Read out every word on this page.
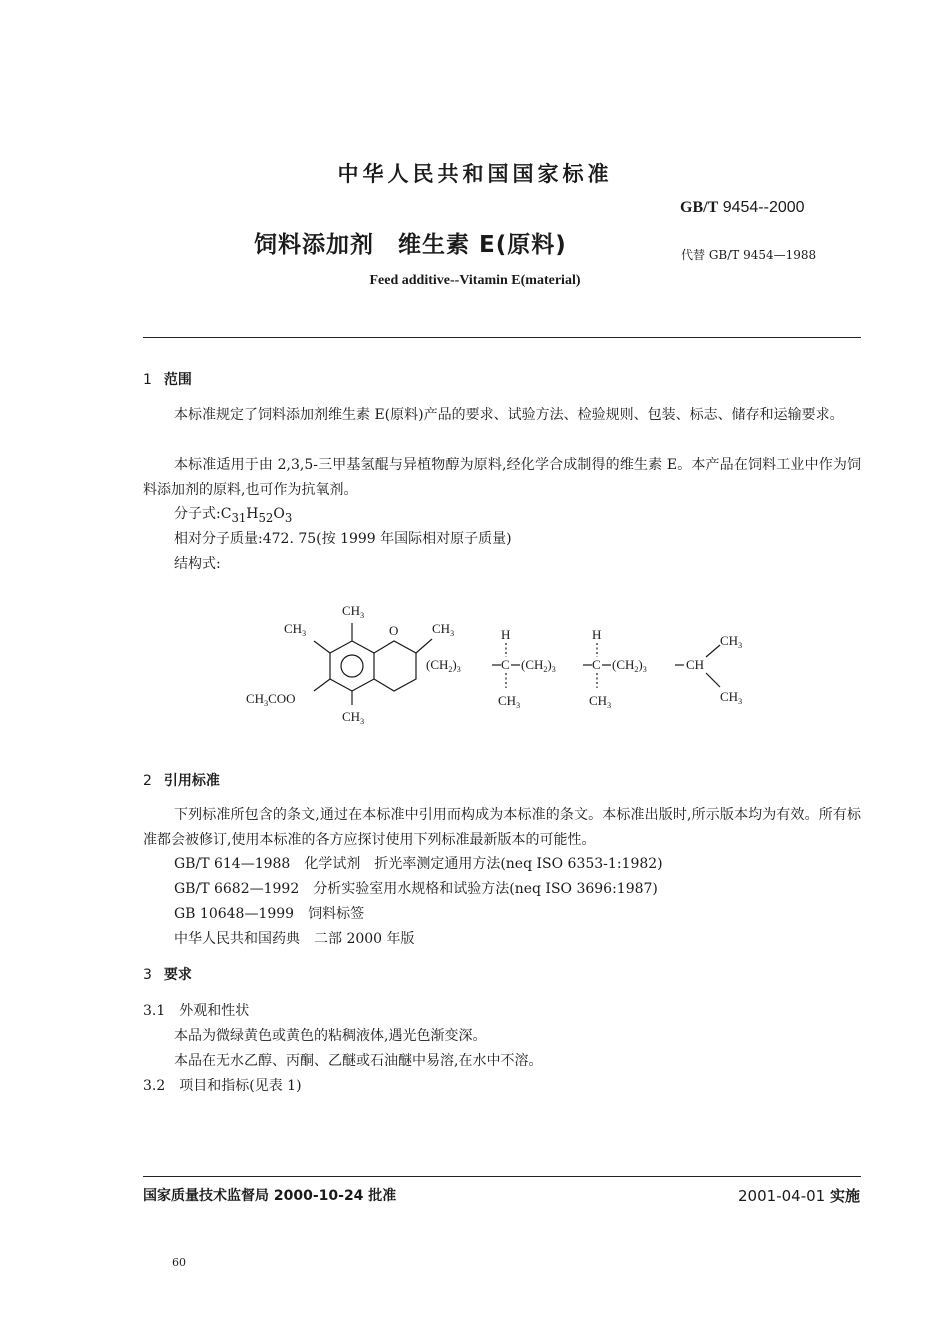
中华人民共和国国家标准
GB/T 9454--2000
饲料添加剂　维生素 E(原料)	代替 GB/T 9454—1988
Feed additive--Vitamin E(material)
1 范围
本标准规定了饲料添加剂维生素 E(原料)产品的要求、试验方法、检验规则、包装、标志、储存和运输要求。
本标准适用于由 2,3,5-三甲基氢醌与异植物醇为原料,经化学合成制得的维生素 E。本产品在饲料工业中作为饲料添加剂的原料,也可作为抗氧剂。
分子式$:C_{31}H_{52}O_3$
相对分子质量:472. 75(按 1999 年国际相对原子质量)
结构式:
$CH_3$
$CH_3$	O	$CH_3$
$CH_3COO$
$CH_3$
$(CH_2)_3$
H
C
$CH_3$
$(CH_2)_3$
H
C
$CH_3$
$(CH_2)_3$	CH
$CH_3$
$CH_3$
2 引用标准
下列标准所包含的条文,通过在本标准中引用而构成为本标准的条文。本标准出版时,所示版本均为有效。所有标准都会被修订,使用本标准的各方应探讨使用下列标准最新版本的可能性。
GB/T 614—1988　化学试剂　折光率测定通用方法(neq ISO 6353-1:1982)
GB/T 6682—1992　分析实验室用水规格和试验方法(neq ISO 3696:1987)
GB 10648—1999　饲料标签
中华人民共和国药典　二部 2000 年版
3 要求
3.1　 外观和性状
本品为微绿黄色或黄色的粘稠液体,遇光色渐变深。
本品在无水乙醇、丙酮、乙醚或石油醚中易溶,在水中不溶。
3.2　 项目和指标(见表 1)
国家质量技术监督局 2000-10-24 批准	2001-04-01 实施
60
